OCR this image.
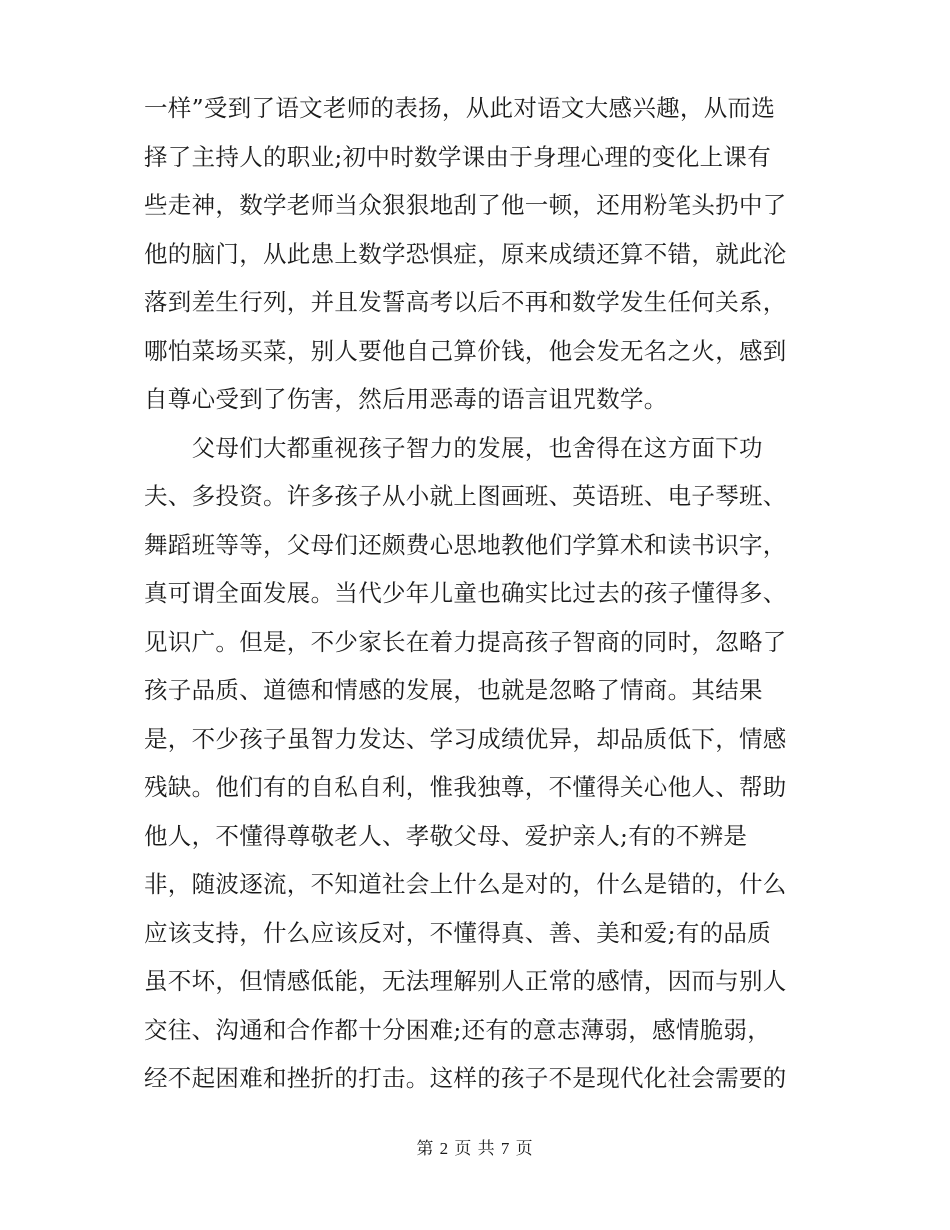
一样”受到了语文老师的表扬，从此对语文大感兴趣，从而选
择了主持人的职业;初中时数学课由于身理心理的变化上课有
些走神，数学老师当众狠狠地刮了他一顿，还用粉笔头扔中了
他的脑门，从此患上数学恐惧症，原来成绩还算不错，就此沦
落到差生行列，并且发誓高考以后不再和数学发生任何关系，
哪怕菜场买菜，别人要他自己算价钱，他会发无名之火，感到
自尊心受到了伤害，然后用恶毒的语言诅咒数学。
　　父母们大都重视孩子智力的发展，也舍得在这方面下功
夫、多投资。许多孩子从小就上图画班、英语班、电子琴班、
舞蹈班等等，父母们还颇费心思地教他们学算术和读书识字，
真可谓全面发展。当代少年儿童也确实比过去的孩子懂得多、
见识广。但是，不少家长在着力提高孩子智商的同时，忽略了
孩子品质、道德和情感的发展，也就是忽略了情商。其结果
是，不少孩子虽智力发达、学习成绩优异，却品质低下，情感
残缺。他们有的自私自利，惟我独尊，不懂得关心他人、帮助
他人，不懂得尊敬老人、孝敬父母、爱护亲人;有的不辨是
非，随波逐流，不知道社会上什么是对的，什么是错的，什么
应该支持，什么应该反对，不懂得真、善、美和爱;有的品质
虽不坏，但情感低能，无法理解别人正常的感情，因而与别人
交往、沟通和合作都十分困难;还有的意志薄弱，感情脆弱，
经不起困难和挫折的打击。这样的孩子不是现代化社会需要的
第 2 页 共 7 页
